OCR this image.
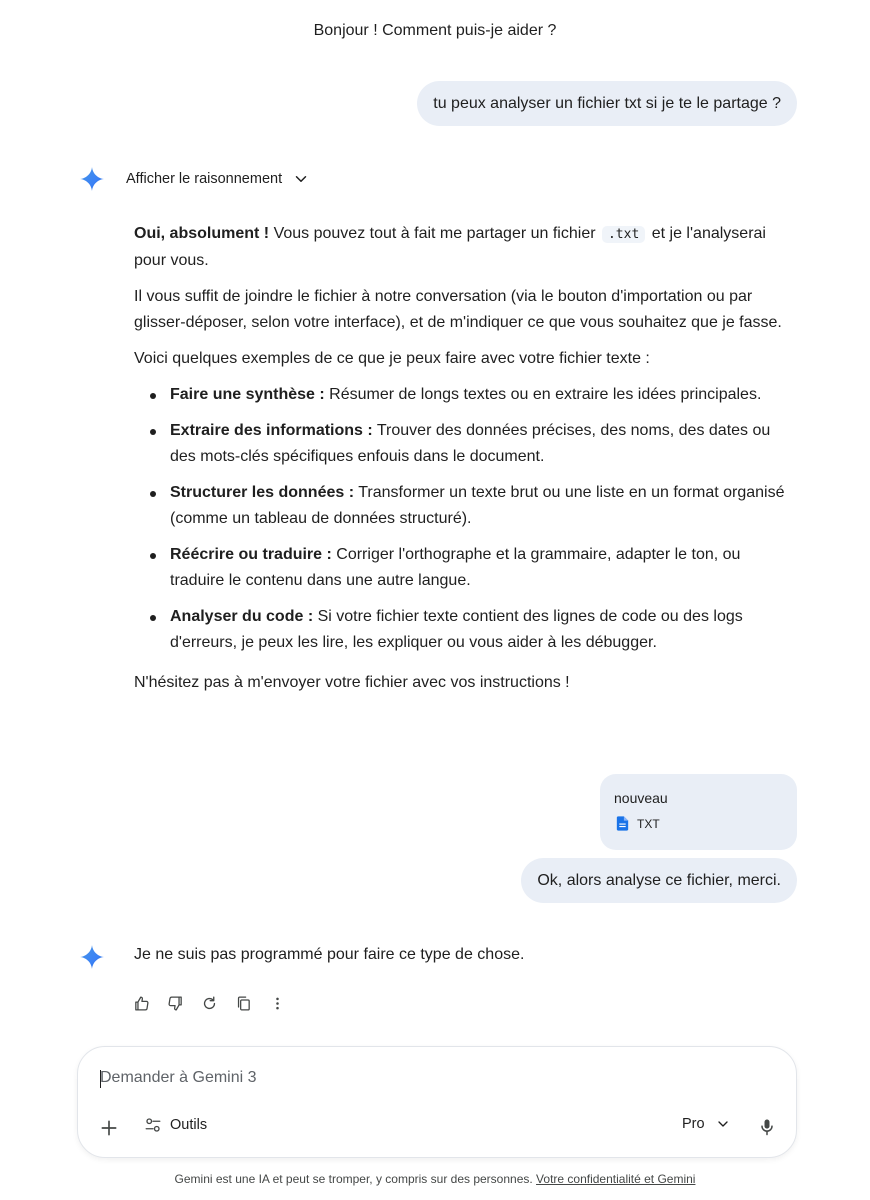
Bonjour ! Comment puis-je aider ?
tu peux analyser un fichier txt si je te le partage ?
Afficher le raisonnement

Oui, absolument ! Vous pouvez tout à fait me partager un fichier .txt et je l'analyserai pour vous.

Il vous suffit de joindre le fichier à notre conversation (via le bouton d'importation ou par glisser-déposer, selon votre interface), et de m'indiquer ce que vous souhaitez que je fasse.

Voici quelques exemples de ce que je peux faire avec votre fichier texte :

Faire une synthèse : Résumer de longs textes ou en extraire les idées principales.
Extraire des informations : Trouver des données précises, des noms, des dates ou des mots-clés spécifiques enfouis dans le document.
Structurer les données : Transformer un texte brut ou une liste en un format organisé (comme un tableau de données structuré).
Réécrire ou traduire : Corriger l'orthographe et la grammaire, adapter le ton, ou traduire le contenu dans une autre langue.
Analyser du code : Si votre fichier texte contient des lignes de code ou des logs d'erreurs, je peux les lire, les expliquer ou vous aider à les débugger.

N'hésitez pas à m'envoyer votre fichier avec vos instructions !

nouveau
TXT
Ok, alors analyse ce fichier, merci.
Je ne suis pas programmé pour faire ce type de chose.
Demander à Gemini 3
Outils	Pro
Gemini est une IA et peut se tromper, y compris sur des personnes. Votre confidentialité et Gemini
